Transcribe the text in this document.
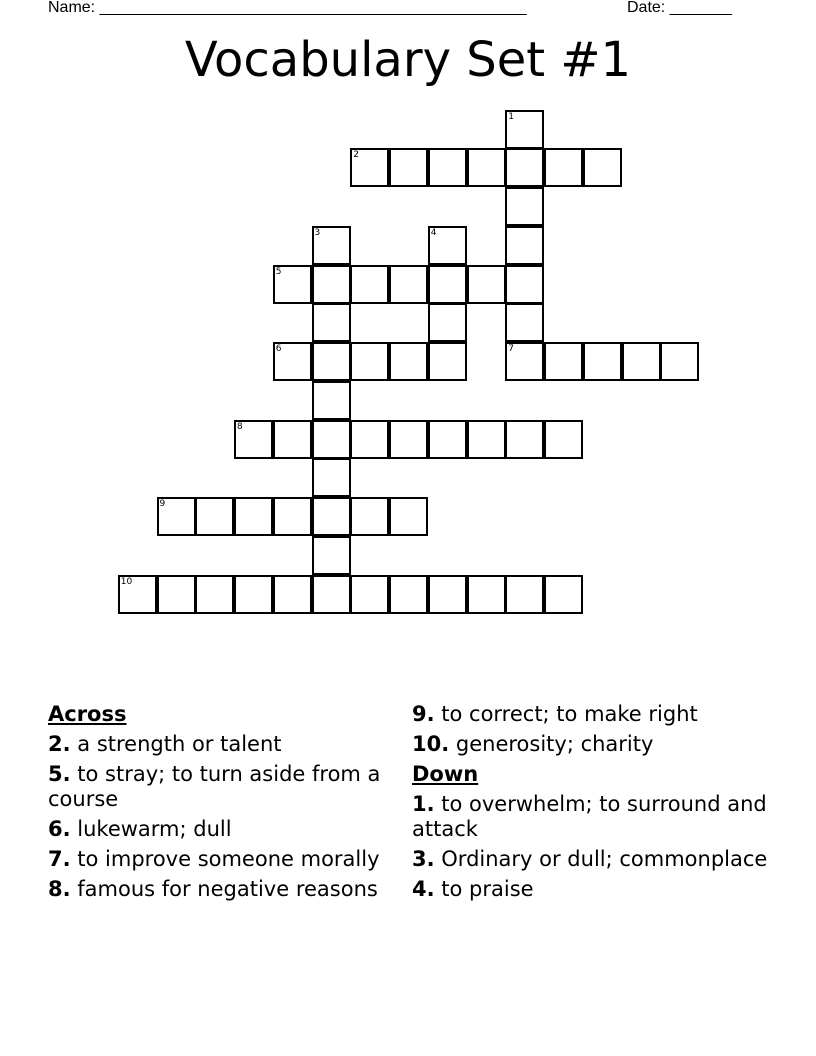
Name: ________________________________________________	Date: _______
Vocabulary Set #1
1
2
3	4
5
6	7
8
9
10
Across
2. a strength or talent
5. to stray; to turn aside from a course
6. lukewarm; dull
7. to improve someone morally
8. famous for negative reasons
9. to correct; to make right
10. generosity; charity
Down
1. to overwhelm; to surround and attack
3. Ordinary or dull; commonplace
4. to praise
